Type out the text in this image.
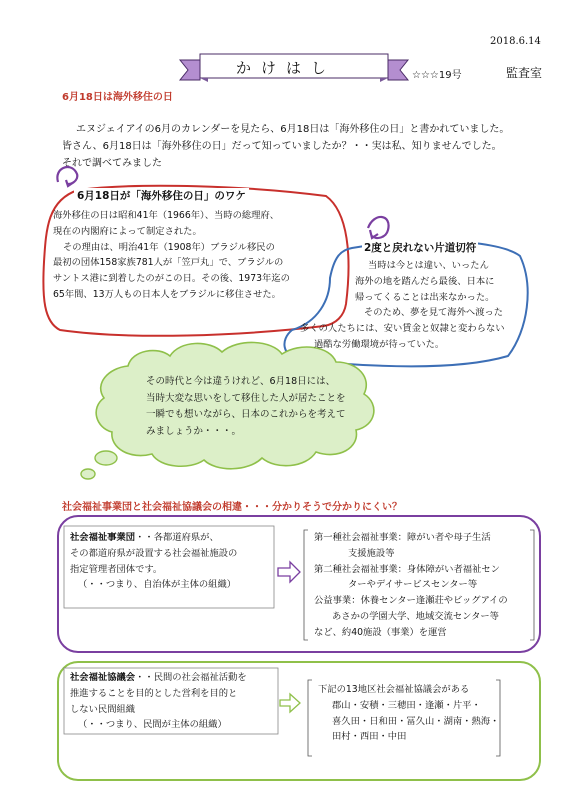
2018.6.14
かけはし	☆☆☆19号	監査室
6月18日は海外移住の日
エヌジェイアイの6月のカレンダーを見たら、6月18日は「海外移住の日」と書かれていました。
皆さん、6月18日は「海外移住の日」だって知っていましたか？・・実は私、知りませんでした。
それで調べてみました
6月18日が「海外移住の日」のワケ
海外移住の日は昭和41年（1966年）、当時の総理府、
現在の内閣府によって制定された。
その理由は、明治41年（1908年）ブラジル移民の
最初の団体158家族781人が「笠戸丸」で、ブラジルの
サントス港に到着したのがこの日。その後、1973年迄の
65年間、13万人もの日本人をブラジルに移住させた。
2度と戻れない片道切符
当時は今とは違い、いったん
海外の地を踏んだら最後、日本に
帰ってくることは出来なかった。
そのため、夢を見て海外へ渡った
多くの人たちには、安い賃金と奴隷と変わらない
過酷な労働環境が待っていた。
その時代と今は違うけれど、6月18日には、
当時大変な思いをして移住した人が居たことを
一瞬でも想いながら、日本のこれからを考えて
みましょうか・・・。
社会福祉事業団と社会福祉協議会の相違・・・分かりそうで分かりにくい？
社会福祉事業団・・各都道府県が、
その都道府県が設置する社会福祉施設の
指定管理者団体です。
（・・つまり、自治体が主体の組織）
第一種社会福祉事業：障がい者や母子生活
支援施設等
第二種社会福祉事業：身体障がい者福祉セン
ターやデイサービスセンター等
公益事業：休養センター逢瀬荘やビッグアイの
あさかの学園大学、地域交流センター等
など、約40施設（事業）を運営
社会福祉協議会・・民間の社会福祉活動を
推進することを目的とした営利を目的と
しない民間組織
（・・つまり、民間が主体の組織）
下記の13地区社会福祉協議会がある
郡山・安積・三穂田・逢瀬・片平・
喜久田・日和田・冨久山・湖南・熱海・
田村・西田・中田
